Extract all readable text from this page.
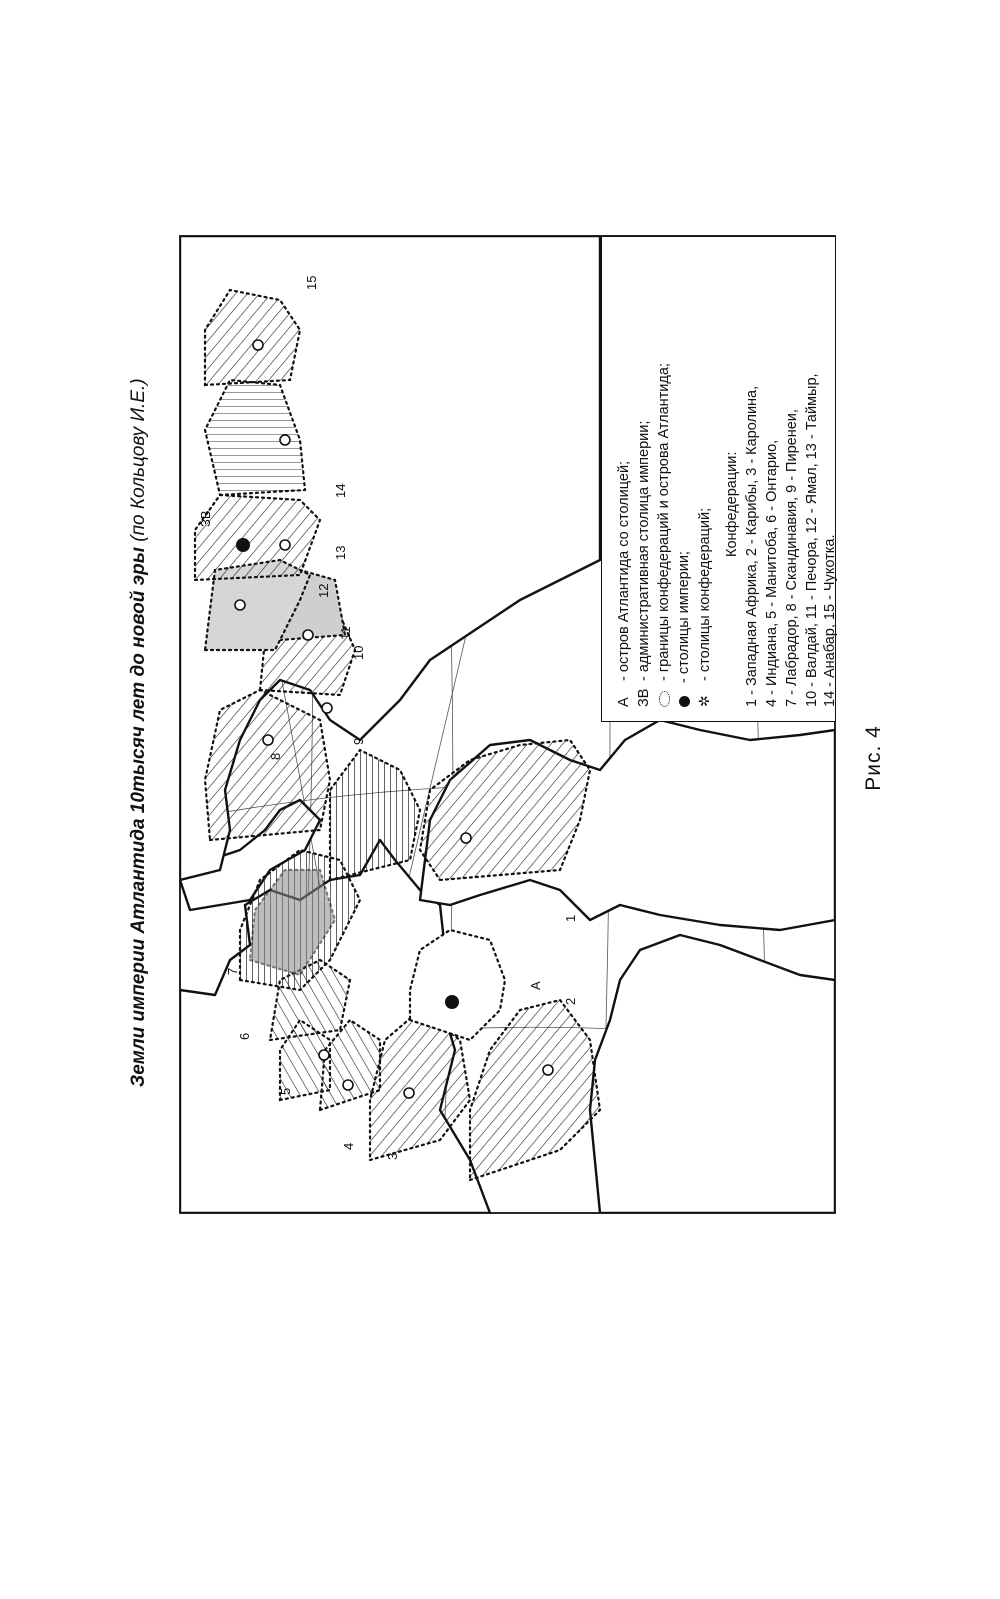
Земли империи Атлантида 10тысяч лет до новой эры (по Кольцову И.Е.)
1
2
3
4
5
6
7
8
9
10
11
12
13
14
15
А
ЗВ
А - остров Атлантида со столицей;
ЗВ - административная столица империи; - границы конфедераций и острова Атлантида; - столицы империи;
✲ - столицы конфедераций;
Конфедерации: 1 - Западная Африка, 2 - Карибы, 3 - Каролина, 4 - Индиана, 5 - Манитоба, 6 - Онтарио, 7 - Лабрадор, 8 - Скандинавия, 9 - Пиренеи, 10 - Валдай, 11 - Печора, 12 - Ямал, 13 - Таймыр, 14 - Анабар, 15 - Чукотка.
Рис. 4
